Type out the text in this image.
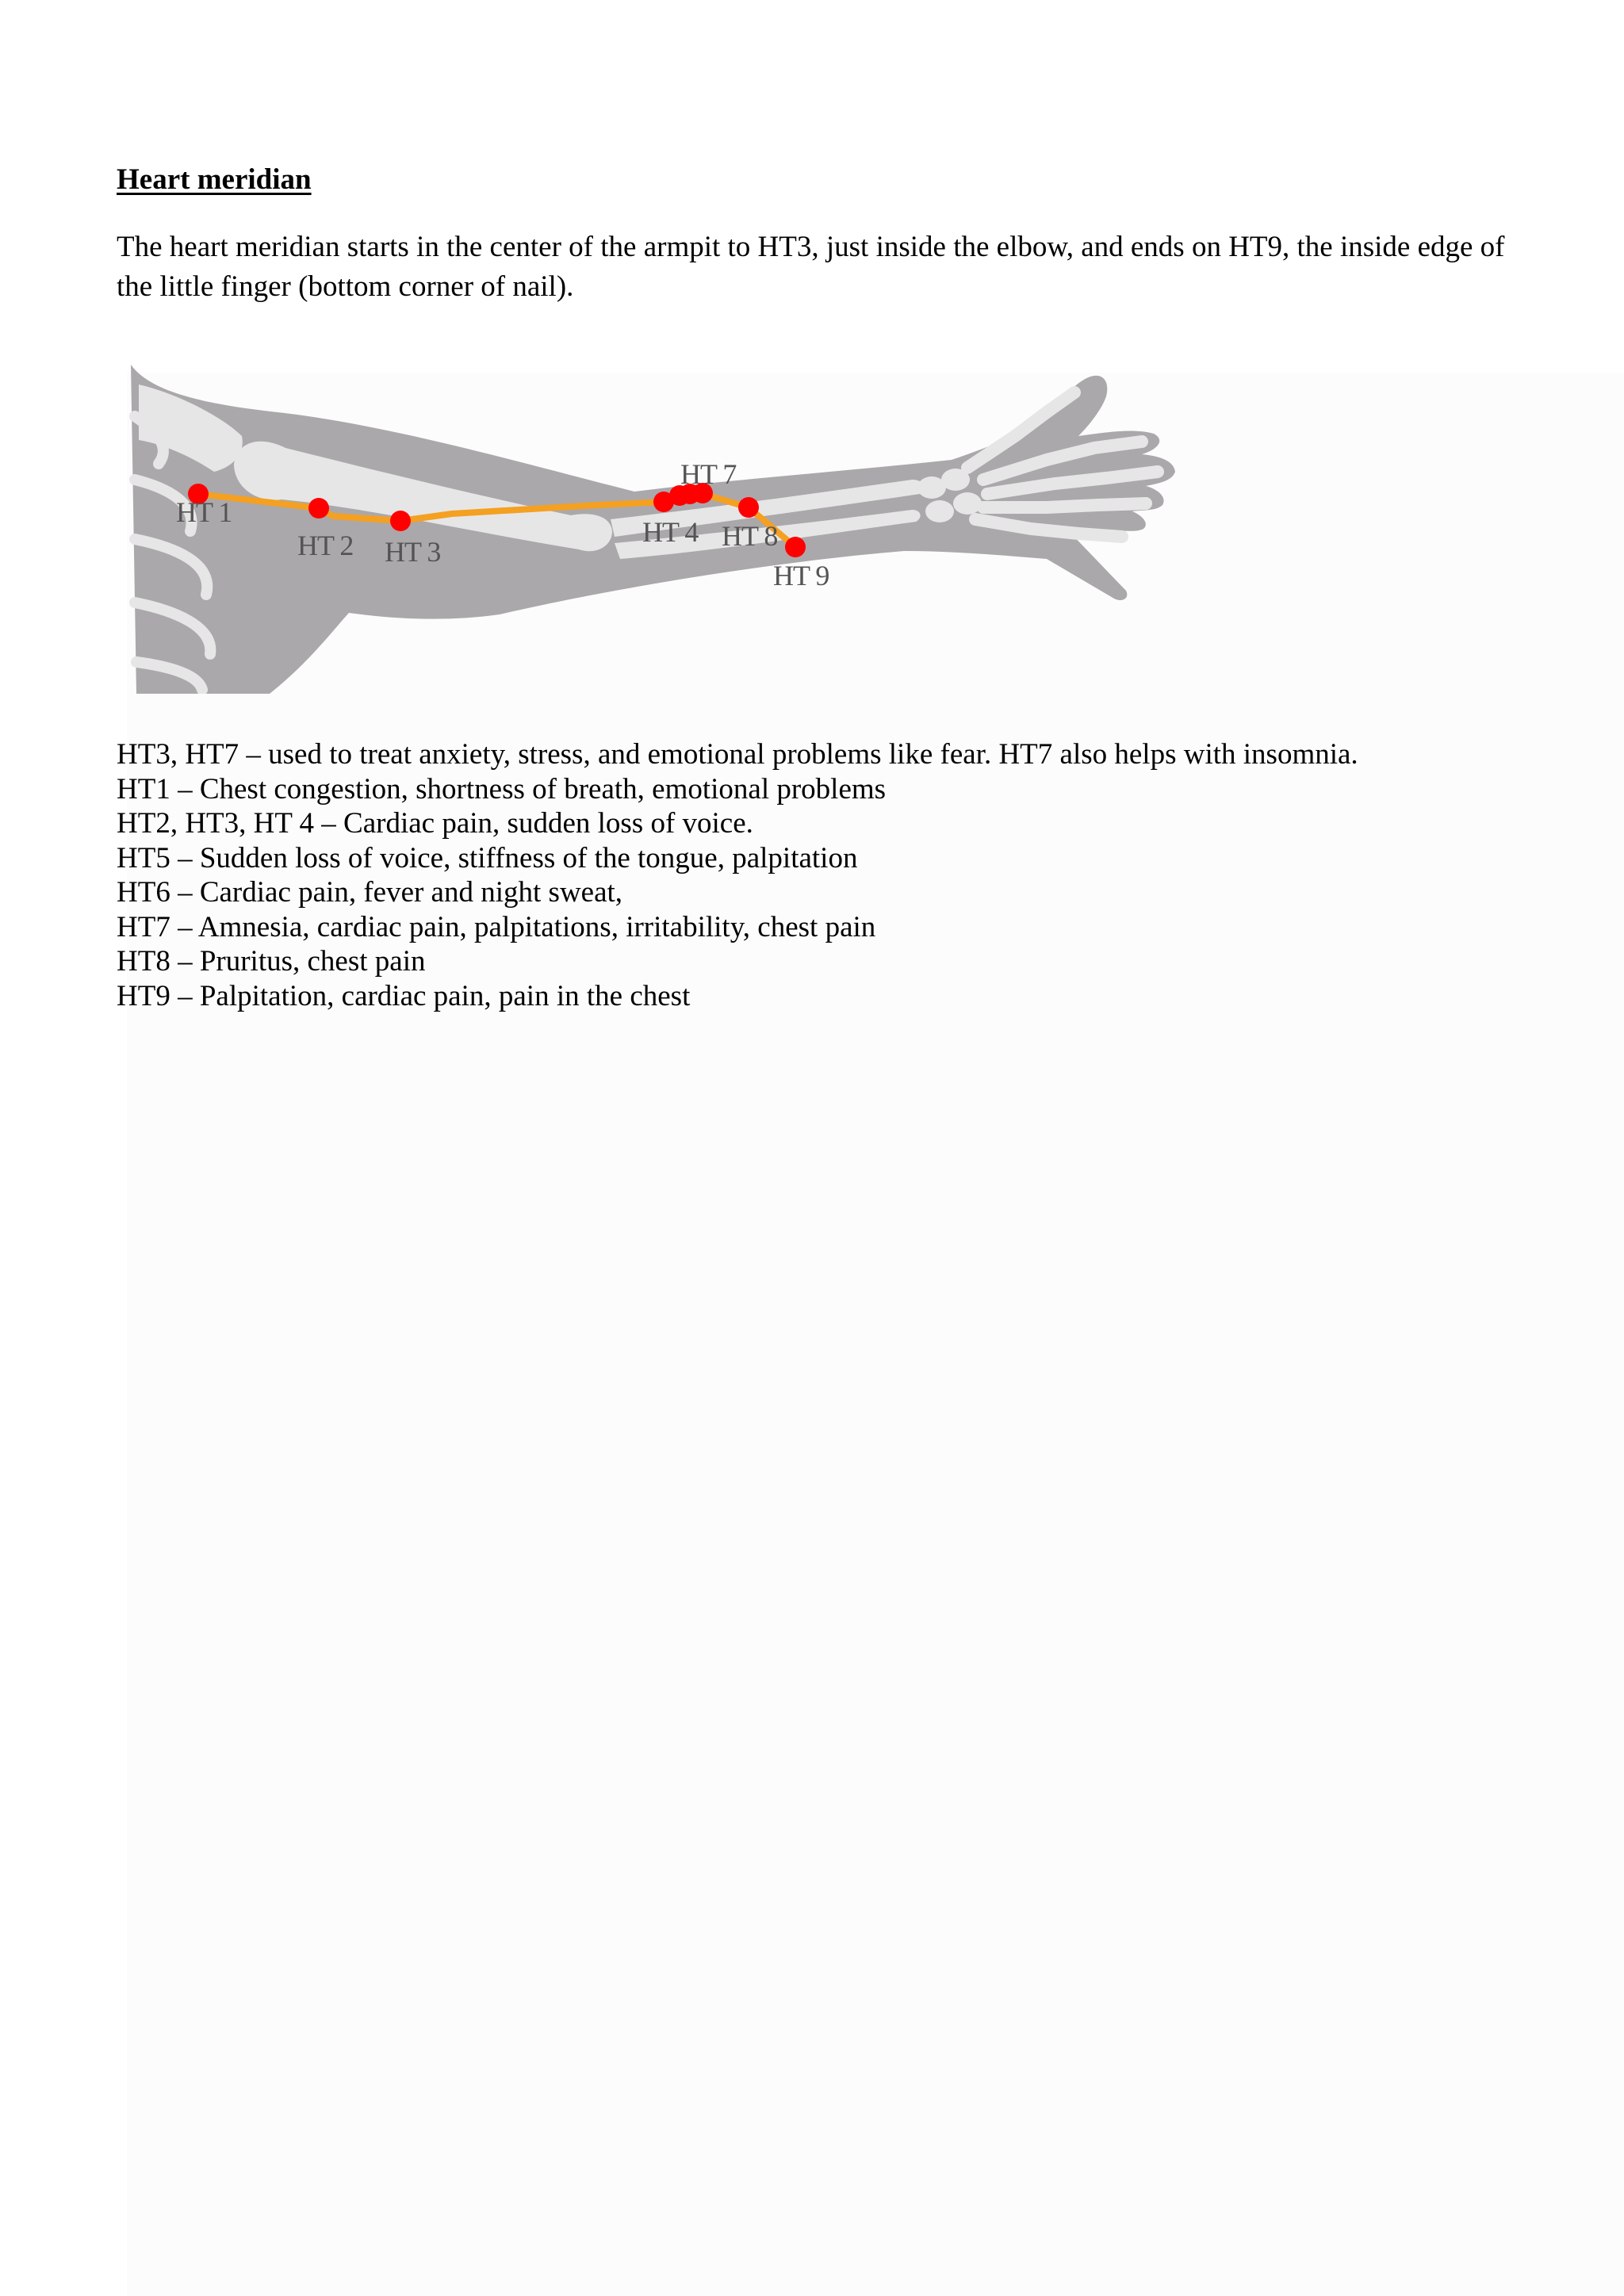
Heart meridian

The heart meridian starts in the center of the armpit to HT3, just inside the elbow, and ends on HT9, the inside edge of the little finger (bottom corner of nail).

HT 1
HT 2 HT 3
HT 4
HT 7
HT 8
HT 9
HT3, HT7 – used to treat anxiety, stress, and emotional problems like fear. HT7 also helps with insomnia.
HT1 – Chest congestion, shortness of breath, emotional problems
HT2, HT3, HT 4 – Cardiac pain, sudden loss of voice.
HT5 – Sudden loss of voice, stiffness of the tongue, palpitation
HT6 – Cardiac pain, fever and night sweat,
HT7 – Amnesia, cardiac pain, palpitations, irritability, chest pain
HT8 – Pruritus, chest pain
HT9 – Palpitation, cardiac pain, pain in the chest
